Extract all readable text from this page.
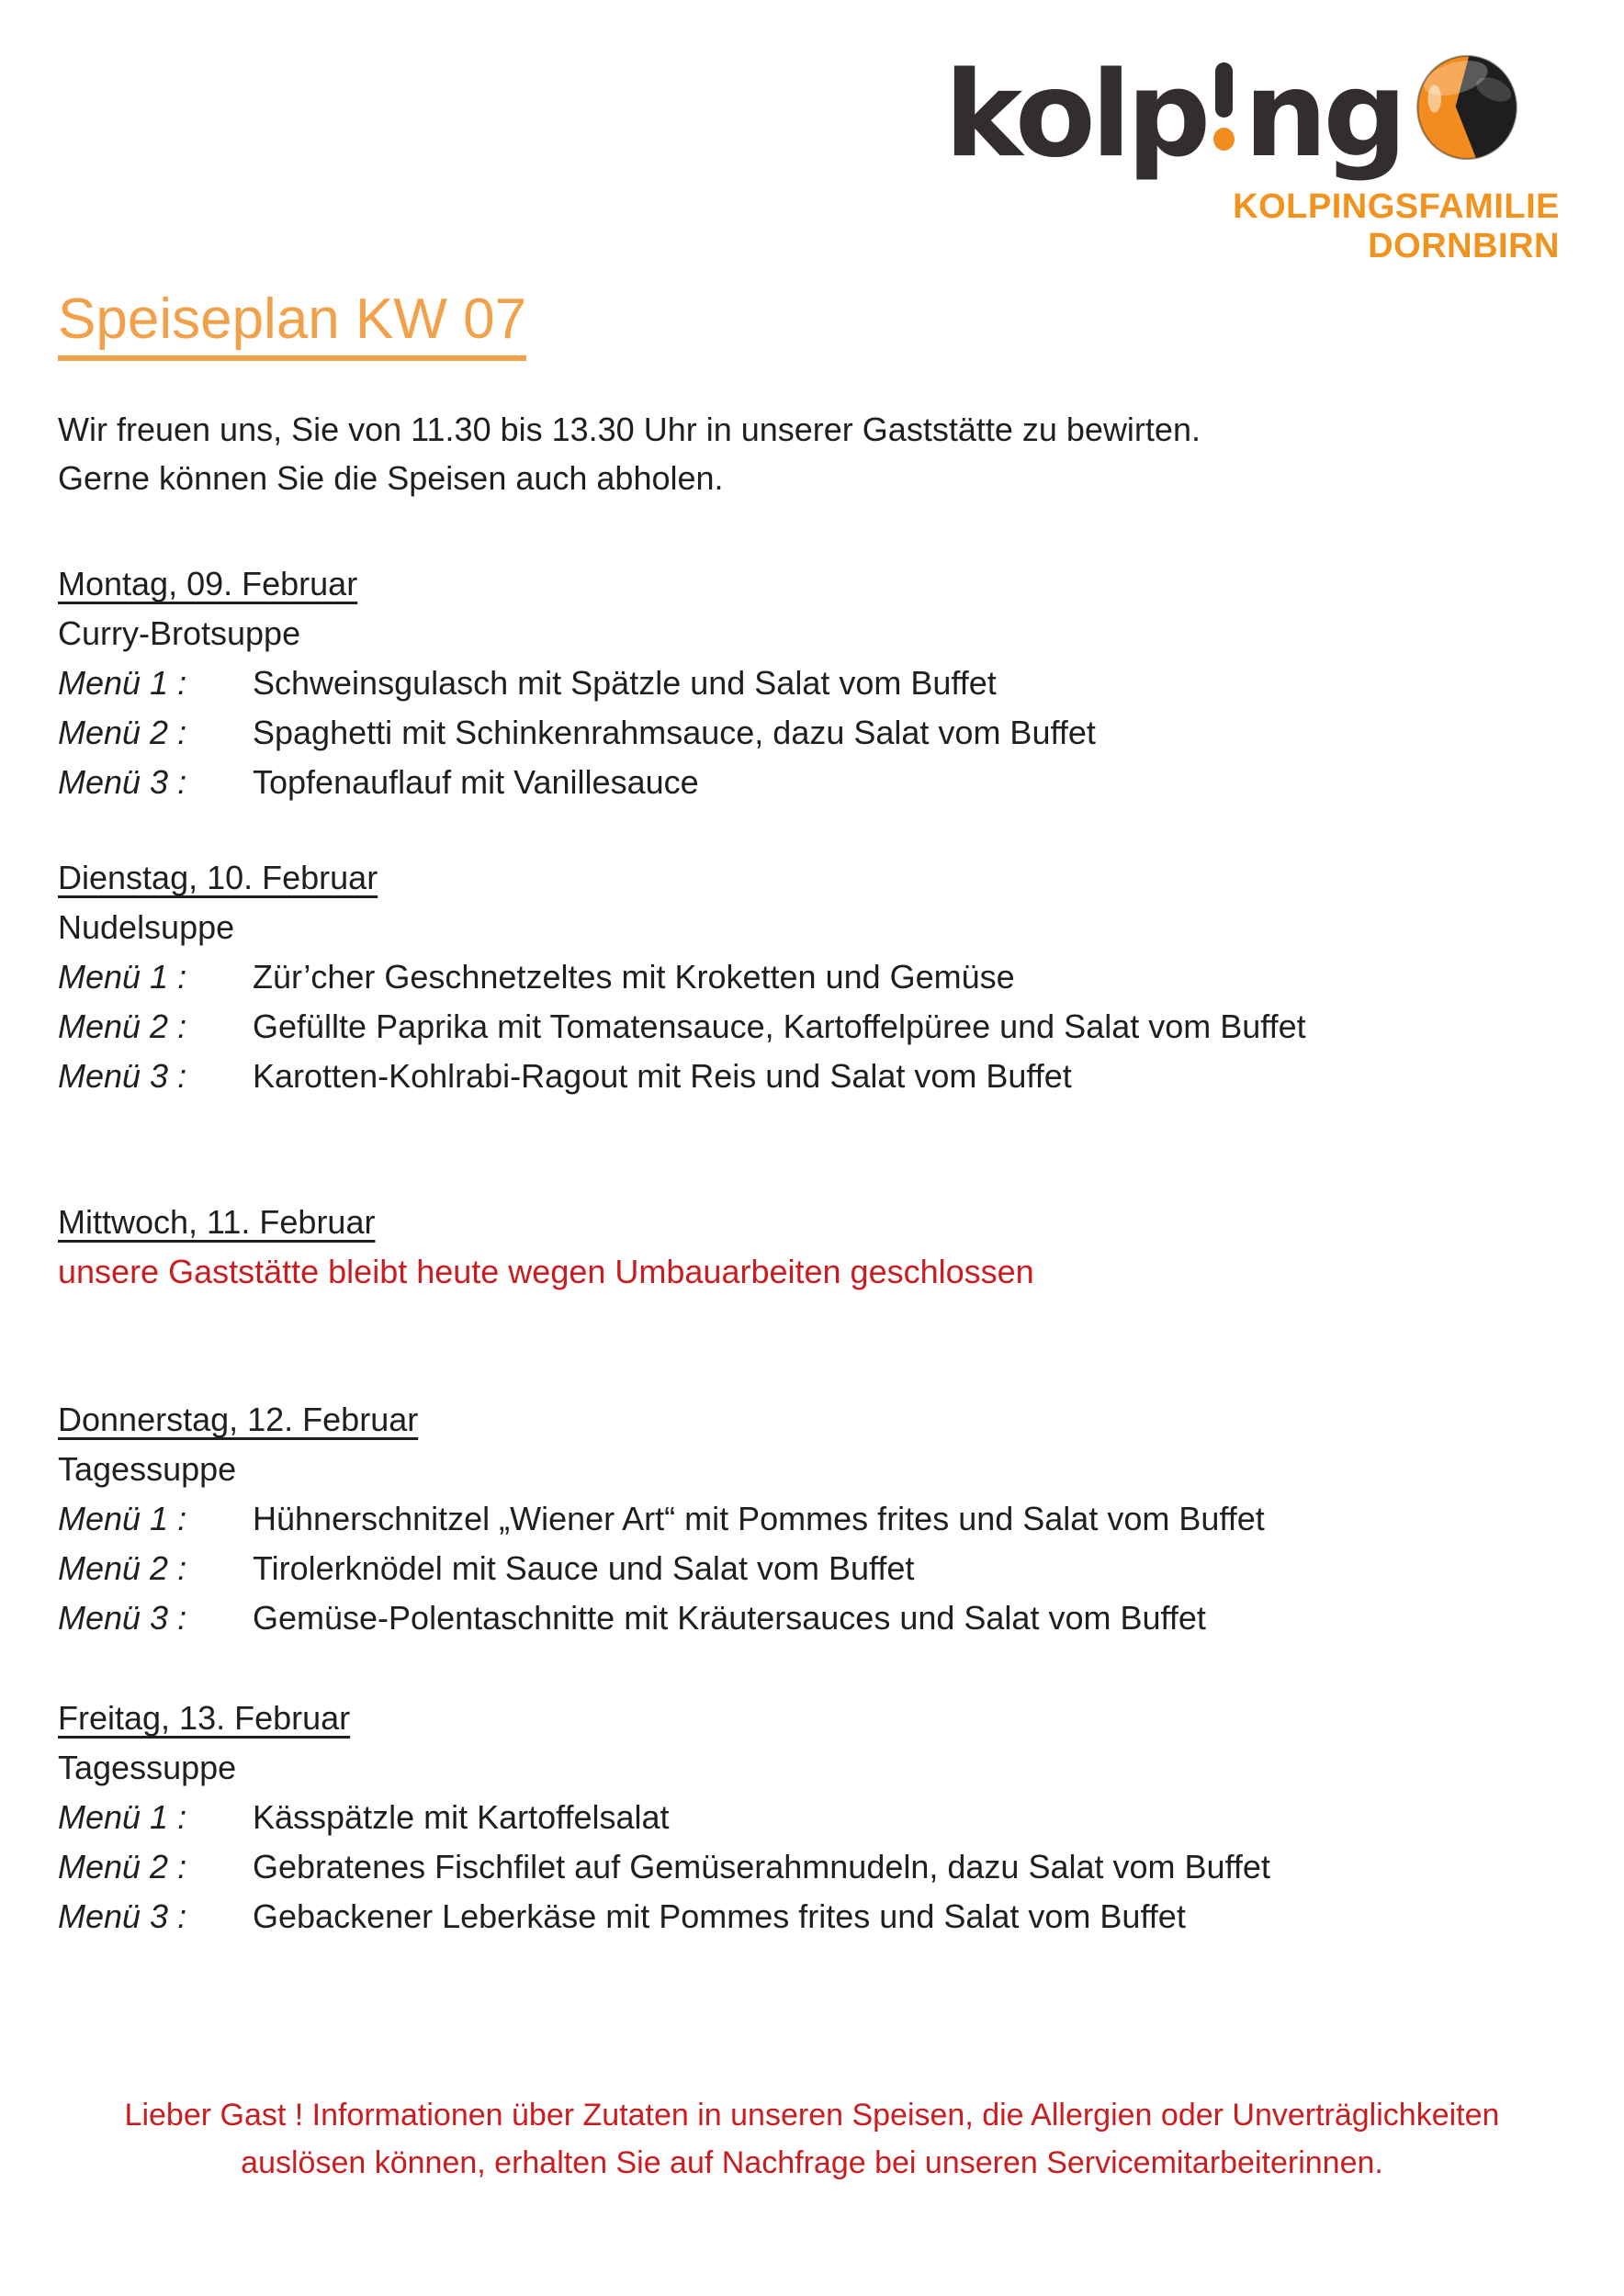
kolp ng
KOLPINGSFAMILIE
DORNBIRN
Speiseplan KW 07
Wir freuen uns, Sie von 11.30 bis 13.30 Uhr in unserer Gaststätte zu bewirten.
Gerne können Sie die Speisen auch abholen.
Montag, 09. Februar
Curry-Brotsuppe
Menü 1 :	Schweinsgulasch mit Spätzle und Salat vom Buffet
Menü 2 :	Spaghetti mit Schinkenrahmsauce, dazu Salat vom Buffet
Menü 3 :	Topfenauflauf mit Vanillesauce
Dienstag, 10. Februar
Nudelsuppe
Menü 1 :	Zür’cher Geschnetzeltes mit Kroketten und Gemüse
Menü 2 :	Gefüllte Paprika mit Tomatensauce, Kartoffelpüree und Salat vom Buffet
Menü 3 :	Karotten-Kohlrabi-Ragout mit Reis und Salat vom Buffet
Mittwoch, 11. Februar
unsere Gaststätte bleibt heute wegen Umbauarbeiten geschlossen
Donnerstag, 12. Februar
Tagessuppe
Menü 1 :	Hühnerschnitzel „Wiener Art“ mit Pommes frites und Salat vom Buffet
Menü 2 :	Tirolerknödel mit Sauce und Salat vom Buffet
Menü 3 :	Gemüse-Polentaschnitte mit Kräutersauces und Salat vom Buffet
Freitag, 13. Februar
Tagessuppe
Menü 1 :	Kässpätzle mit Kartoffelsalat
Menü 2 :	Gebratenes Fischfilet auf Gemüserahmnudeln, dazu Salat vom Buffet
Menü 3 :	Gebackener Leberkäse mit Pommes frites und Salat vom Buffet
Lieber Gast ! Informationen über Zutaten in unseren Speisen, die Allergien oder Unverträglichkeiten
auslösen können, erhalten Sie auf Nachfrage bei unseren Servicemitarbeiterinnen.
